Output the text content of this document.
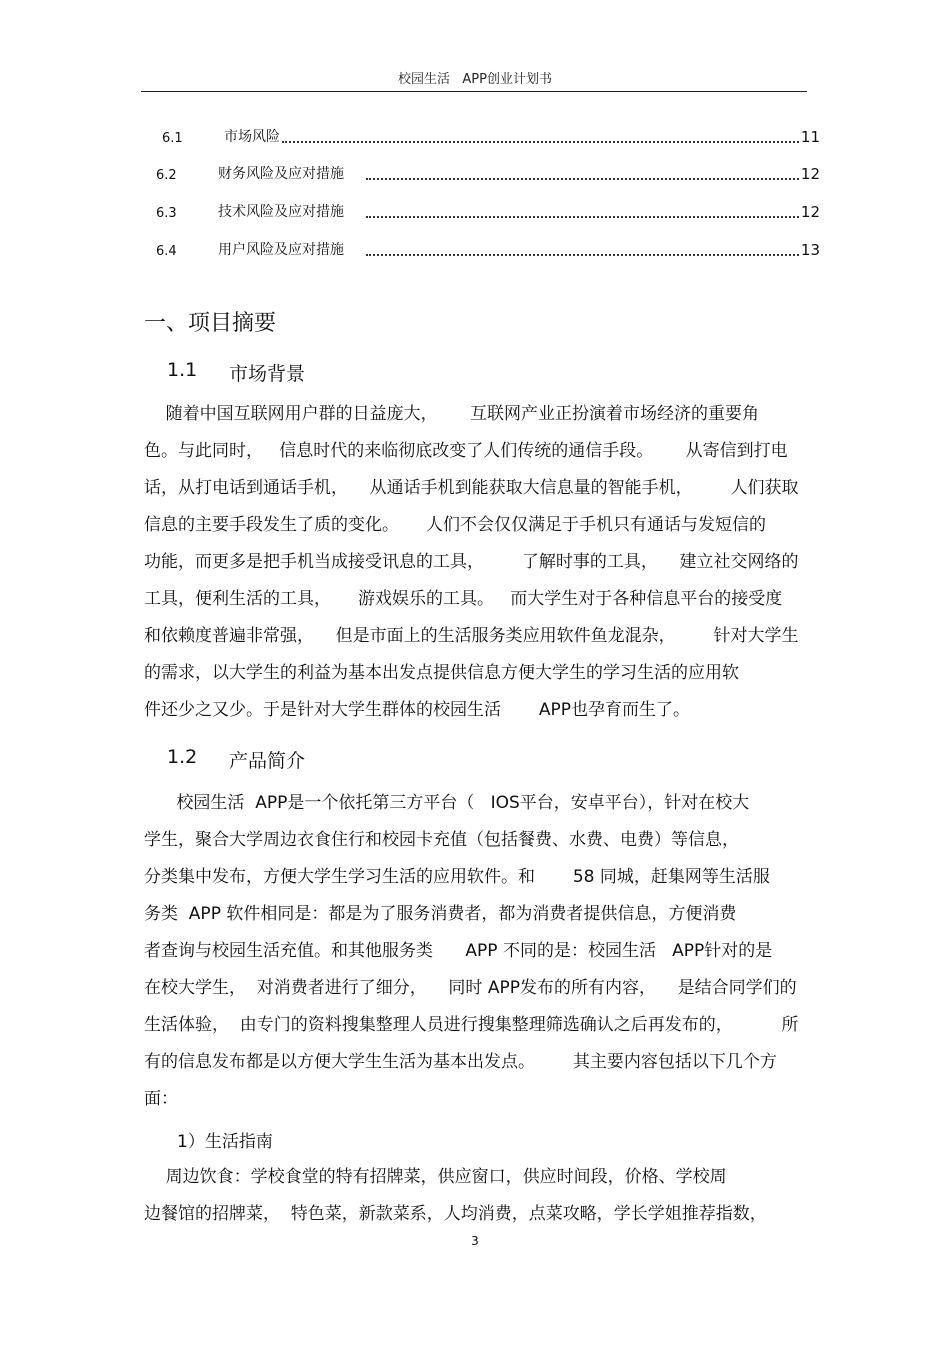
校园生活   APP创业计划书
6.1	市场风险	11
6.2	财务风险及应对措施	12
6.3	技术风险及应对措施	12
6.4	用户风险及应对措施	13
一、项目摘要
1.1	市场背景

随着中国互联网用户群的日益庞大，      互联网产业正扮演着市场经济的重要角

色。与此同时，   信息时代的来临彻底改变了人们传统的通信手段。      从寄信到打电

话，从打电话到通话手机，    从通话手机到能获取大信息量的智能手机，       人们获取

信息的主要手段发生了质的变化。     人们不会仅仅满足于手机只有通话与发短信的

功能，而更多是把手机当成接受讯息的工具，       了解时事的工具，    建立社交网络的

工具，便利生活的工具，     游戏娱乐的工具。   而大学生对于各种信息平台的接受度

和依赖度普遍非常强，    但是市面上的生活服务类应用软件鱼龙混杂，       针对大学生

的需求，以大学生的利益为基本出发点提供信息方便大学生的学习生活的应用软

件还少之又少。于是针对大学生群体的校园生活       APP也孕育而生了。

1.2	产品简介

校园生活  APP是一个依托第三方平台（   IOS平台，安卓平台），针对在校大

学生，聚合大学周边衣食住行和校园卡充值（包括餐费、水费、电费）等信息，

分类集中发布，方便大学生学习生活的应用软件。和       58 同城，赶集网等生活服

务类  APP 软件相同是：都是为了服务消费者，都为消费者提供信息，方便消费

者查询与校园生活充值。和其他服务类      APP 不同的是：校园生活   APP针对的是

在校大学生，  对消费者进行了细分，    同时 APP发布的所有内容，    是结合同学们的

生活体验，  由专门的资料搜集整理人员进行搜集整理筛选确认之后再发布的，         所

有的信息发布都是以方便大学生生活为基本出发点。       其主要内容包括以下几个方

面：

1）生活指南

周边饮食：学校食堂的特有招牌菜，供应窗口，供应时间段，价格、学校周

边餐馆的招牌菜，  特色菜，新款菜系，人均消费，点菜攻略，学长学姐推荐指数，

3
